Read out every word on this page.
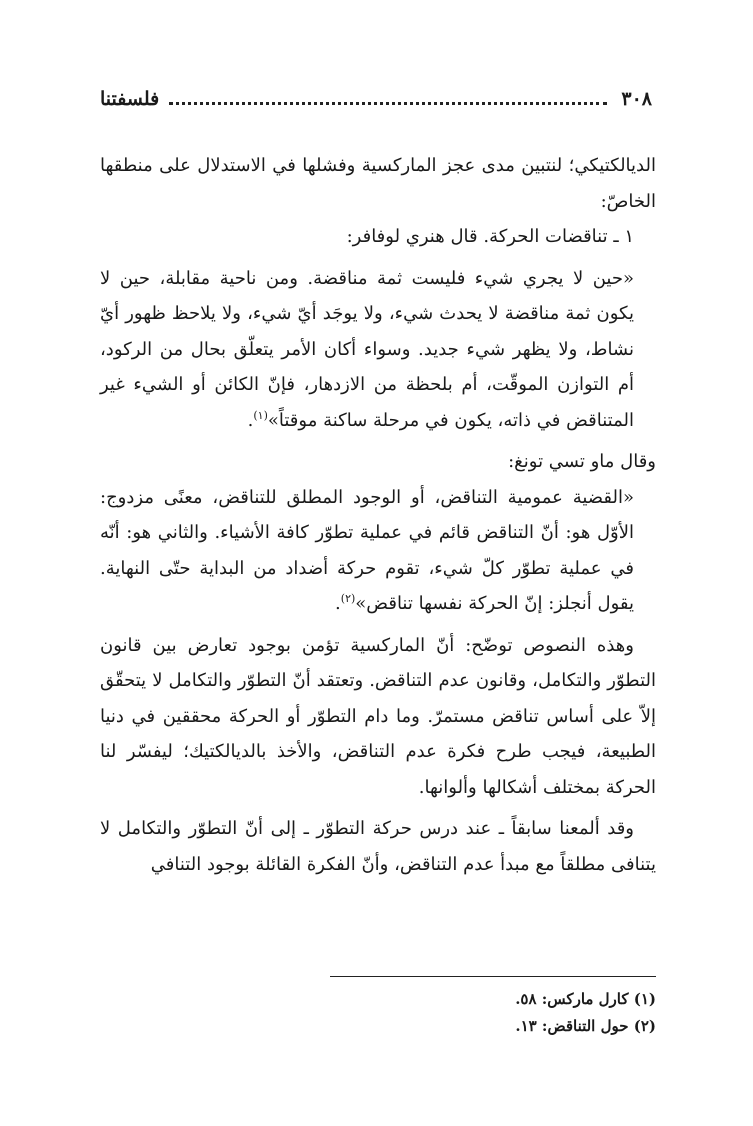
٣٠٨
فلسفتنا

الديالكتيكي؛ لنتبين مدى عجز الماركسية وفشلها في الاستدلال على منطقها الخاصّ:

١ ـ تناقضات الحركة. قال هنري لوفافر:

«حين لا يجري شيء فليست ثمة مناقضة. ومن ناحية مقابلة، حين لا يكون ثمة مناقضة لا يحدث شيء، ولا يوجَد أيّ شيء، ولا يلاحظ ظهور أيّ نشاط، ولا يظهر شيء جديد. وسواء أكان الأمر يتعلّق بحال من الركود، أم التوازن الموقّت، أم بلحظة من الازدهار، فإنّ الكائن أو الشيء غير المتناقض في ذاته، يكون في مرحلة ساكنة موقتاً»$^{(١)}$.

وقال ماو تسي تونغ:

«القضية عمومية التناقض، أو الوجود المطلق للتناقض، معنًى مزدوج: الأوّل هو: أنّ التناقض قائم في عملية تطوّر كافة الأشياء. والثاني هو: أنّه في عملية تطوّر كلّ شيء، تقوم حركة أضداد من البداية حتّى النهاية. يقول أنجلز: إنّ الحركة نفسها تناقض»$^{(٢)}$.

وهذه النصوص توضّح: أنّ الماركسية تؤمن بوجود تعارض بين قانون التطوّر والتكامل، وقانون عدم التناقض. وتعتقد أنّ التطوّر والتكامل لا يتحقّق إلاّ على أساس تناقض مستمرّ. وما دام التطوّر أو الحركة محققين في دنيا الطبيعة، فيجب طرح فكرة عدم التناقض، والأخذ بالديالكتيك؛ ليفسّر لنا الحركة بمختلف أشكالها وألوانها.

وقد ألمعنا سابقاً ـ عند درس حركة التطوّر ـ إلى أنّ التطوّر والتكامل لا يتنافى مطلقاً مع مبدأ عدم التناقض، وأنّ الفكرة القائلة بوجود التنافي

(١) كارل ماركس: ٥٨.

(٢) حول التناقض: ١٣.
